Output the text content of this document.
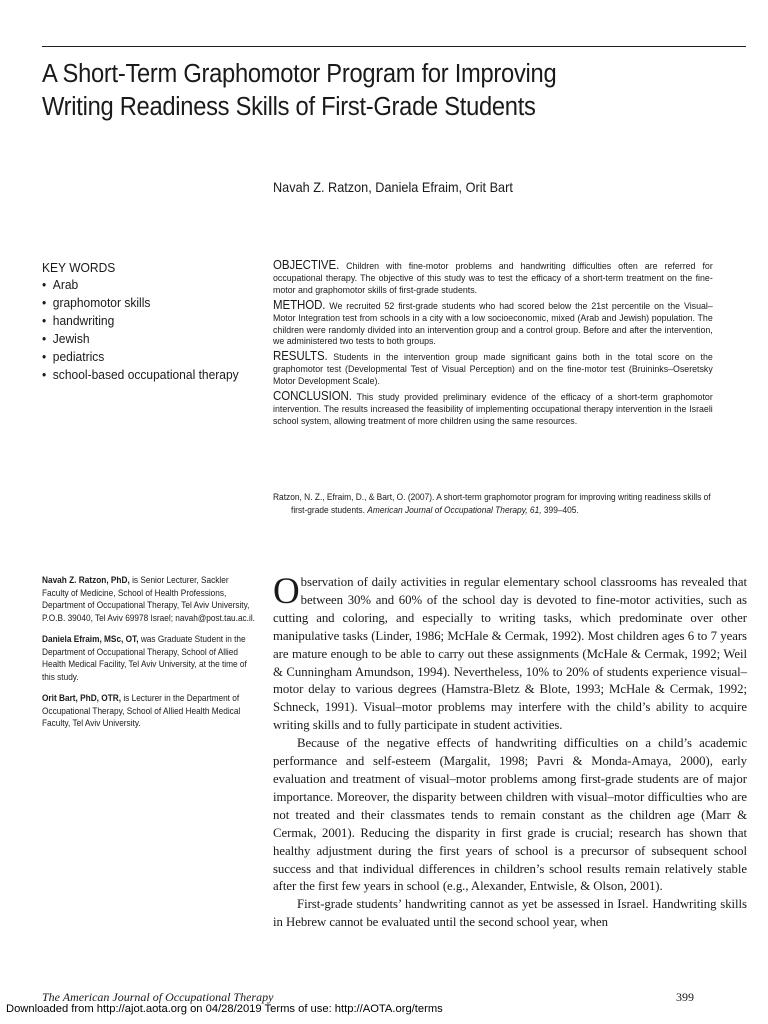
A Short-Term Graphomotor Program for Improving
Writing Readiness Skills of First-Grade Students
Navah Z. Ratzon, Daniela Efraim, Orit Bart
KEY WORDS
• Arab
• graphomotor skills
• handwriting
• Jewish
• pediatrics
• school-based occupational therapy

OBJECTIVE. Children with fine-motor problems and handwriting difficulties often are referred for occupational therapy. The objective of this study was to test the efficacy of a short-term treatment on the fine-motor and graphomotor skills of first-grade students.

METHOD. We recruited 52 first-grade students who had scored below the 21st percentile on the Visual–Motor Integration test from schools in a city with a low socioeconomic, mixed (Arab and Jewish) population. The children were randomly divided into an intervention group and a control group. Before and after the intervention, we administered two tests to both groups.

RESULTS. Students in the intervention group made significant gains both in the total score on the graphomotor test (Developmental Test of Visual Perception) and on the fine-motor test (Bruininks–Oseretsky Motor Development Scale).

CONCLUSION. This study provided preliminary evidence of the efficacy of a short-term graphomotor intervention. The results increased the feasibility of implementing occupational therapy intervention in the Israeli school system, allowing treatment of more children using the same resources.

Ratzon, N. Z., Efraim, D., & Bart, O. (2007). A short-term graphomotor program for improving writing readiness skills of first-grade students. American Journal of Occupational Therapy, 61, 399–405.

Navah Z. Ratzon, PhD, is Senior Lecturer, Sackler Faculty of Medicine, School of Health Professions, Department of Occupational Therapy, Tel Aviv University, P.O.B. 39040, Tel Aviv 69978 Israel; navah@post.tau.ac.il.

Daniela Efraim, MSc, OT, was Graduate Student in the Department of Occupational Therapy, School of Allied Health Medical Facility, Tel Aviv University, at the time of this study.

Orit Bart, PhD, OTR, is Lecturer in the Department of Occupational Therapy, School of Allied Health Medical Faculty, Tel Aviv University.

Observation of daily activities in regular elementary school classrooms has revealed that between 30% and 60% of the school day is devoted to fine-motor activities, such as cutting and coloring, and especially to writing tasks, which predominate over other manipulative tasks (Linder, 1986; McHale & Cermak, 1992). Most children ages 6 to 7 years are mature enough to be able to carry out these assignments (McHale & Cermak, 1992; Weil & Cunningham Amundson, 1994). Nevertheless, 10% to 20% of students experience visual–motor delay to various degrees (Hamstra-Bletz & Blote, 1993; McHale & Cermak, 1992; Schneck, 1991). Visual–motor problems may interfere with the child’s ability to acquire writing skills and to fully participate in student activities.

Because of the negative effects of handwriting difficulties on a child’s academic performance and self-esteem (Margalit, 1998; Pavri & Monda-Amaya, 2000), early evaluation and treatment of visual–motor problems among first-grade students are of major importance. Moreover, the disparity between children with visual–motor difficulties who are not treated and their classmates tends to remain constant as the children age (Marr & Cermak, 2001). Reducing the disparity in first grade is crucial; research has shown that healthy adjustment during the first years of school is a precursor of subsequent school success and that individual differences in children’s school results remain relatively stable after the first few years in school (e.g., Alexander, Entwisle, & Olson, 2001).

First-grade students’ handwriting cannot as yet be assessed in Israel. Handwriting skills in Hebrew cannot be evaluated until the second school year, when

The American Journal of Occupational Therapy	399
Downloaded from http://ajot.aota.org on 04/28/2019 Terms of use: http://AOTA.org/terms
